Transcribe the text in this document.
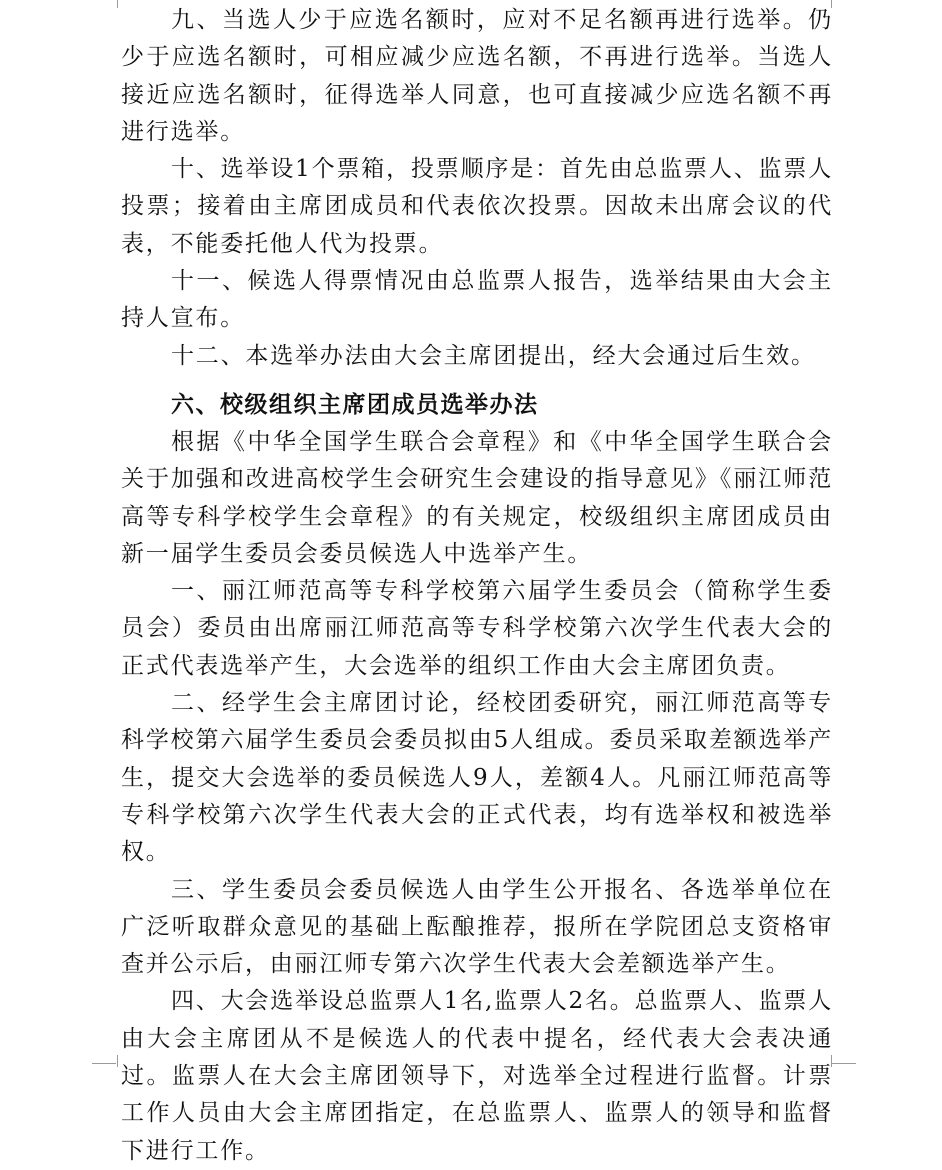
九、当选人少于应选名额时，应对不足名额再进行选举。仍少于应选名额时，可相应减少应选名额，不再进行选举。当选人接近应选名额时，征得选举人同意，也可直接减少应选名额不再进行选举。

十、选举设1个票箱，投票顺序是：首先由总监票人、监票人投票；接着由主席团成员和代表依次投票。因故未出席会议的代表，不能委托他人代为投票。

十一、候选人得票情况由总监票人报告，选举结果由大会主持人宣布。

十二、本选举办法由大会主席团提出，经大会通过后生效。

六、校级组织主席团成员选举办法

根据《中华全国学生联合会章程》和《中华全国学生联合会关于加强和改进高校学生会研究生会建设的指导意见》《丽江师范高等专科学校学生会章程》的有关规定，校级组织主席团成员由新一届学生委员会委员候选人中选举产生。

一、丽江师范高等专科学校第六届学生委员会（简称学生委员会）委员由出席丽江师范高等专科学校第六次学生代表大会的正式代表选举产生，大会选举的组织工作由大会主席团负责。

二、经学生会主席团讨论，经校团委研究，丽江师范高等专科学校第六届学生委员会委员拟由5人组成。委员采取差额选举产生，提交大会选举的委员候选人9人，差额4人。凡丽江师范高等专科学校第六次学生代表大会的正式代表，均有选举权和被选举权。

三、学生委员会委员候选人由学生公开报名、各选举单位在广泛听取群众意见的基础上酝酿推荐，报所在学院团总支资格审查并公示后，由丽江师专第六次学生代表大会差额选举产生。

四、大会选举设总监票人1名,监票人2名。总监票人、监票人由大会主席团从不是候选人的代表中提名，经代表大会表决通过。监票人在大会主席团领导下，对选举全过程进行监督。计票工作人员由大会主席团指定，在总监票人、监票人的领导和监督下进行工作。
